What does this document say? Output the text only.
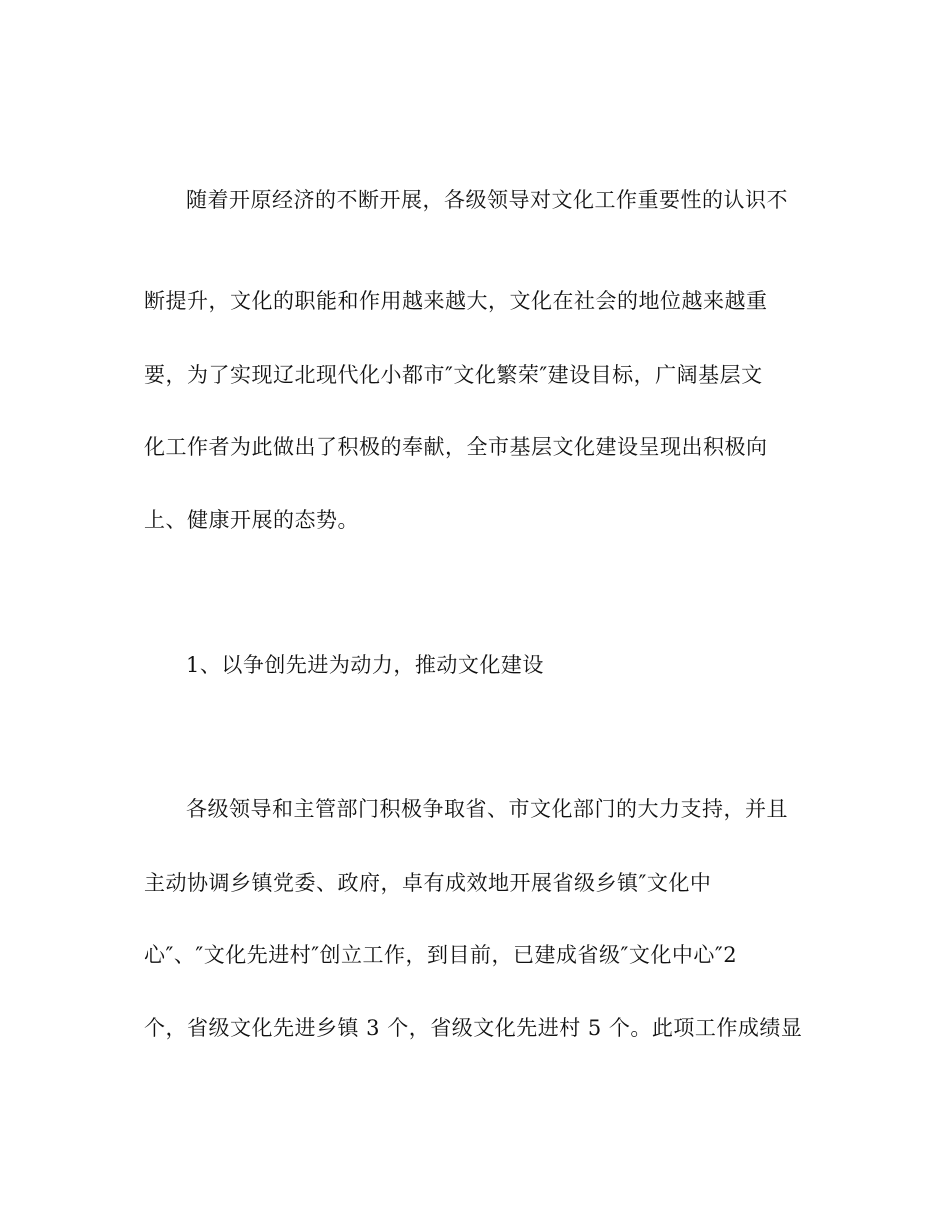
随着开原经济的不断开展，各级领导对文化工作重要性的认识不
断提升，文化的职能和作用越来越大，文化在社会的地位越来越重
要，为了实现辽北现代化小都市″文化繁荣″建设目标，广阔基层文
化工作者为此做出了积极的奉献，全市基层文化建设呈现出积极向
上、健康开展的态势。
1、以争创先进为动力，推动文化建设
各级领导和主管部门积极争取省、市文化部门的大力支持，并且
主动协调乡镇党委、政府，卓有成效地开展省级乡镇″文化中
心″、″文化先进村″创立工作，到目前，已建成省级″文化中心″2
个，省级文化先进乡镇 3 个，省级文化先进村 5 个。此项工作成绩显
